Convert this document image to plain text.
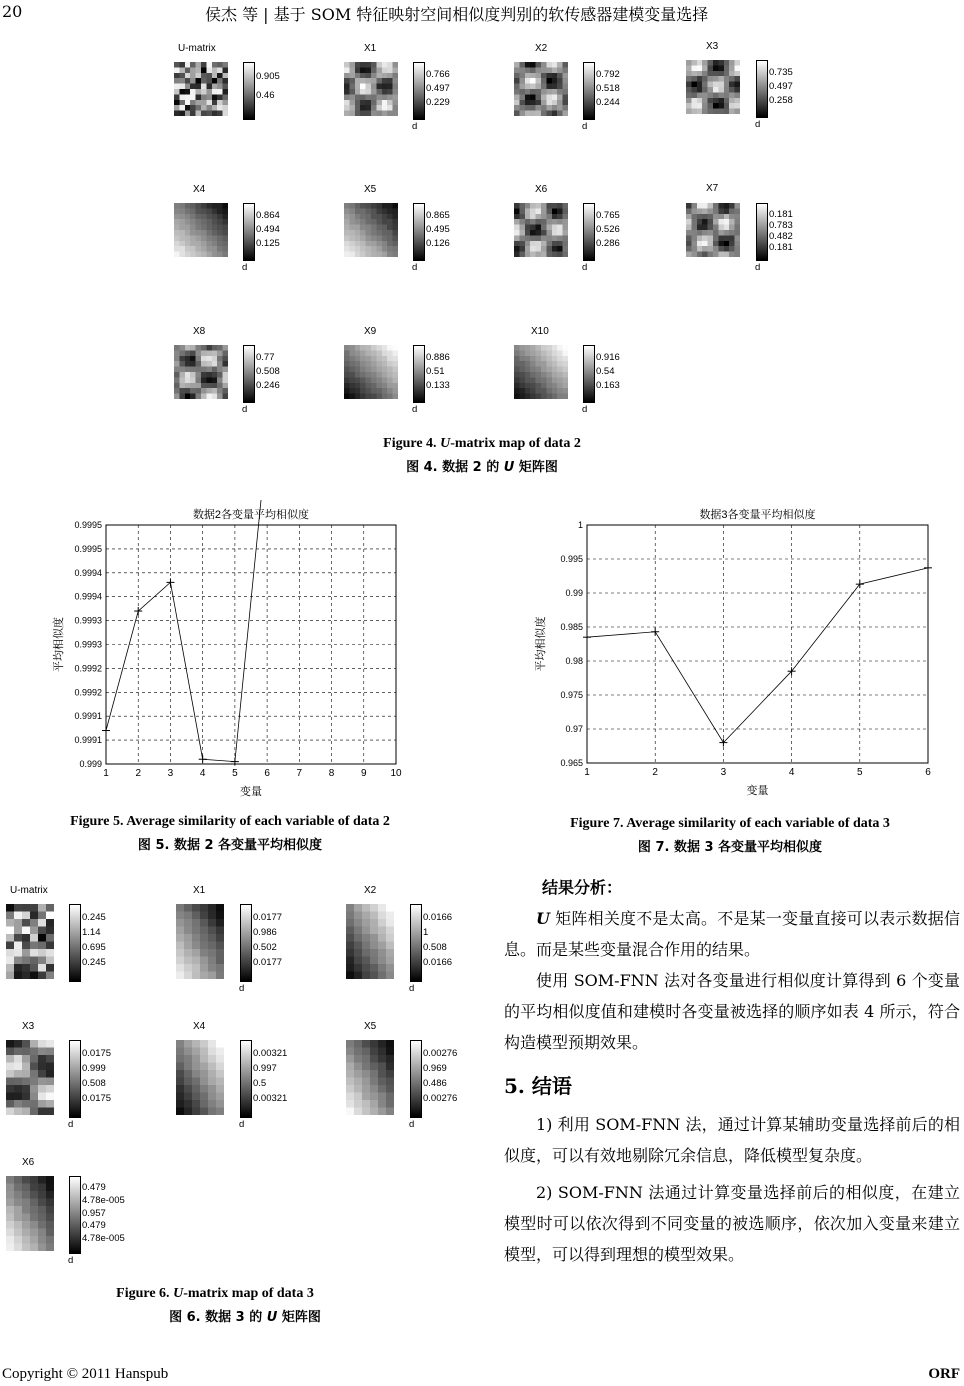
20	侯杰 等 | 基于 SOM 特征映射空间相似度判别的软传感器建模变量选择
U-matrix
0.905
0.46
X1
0.766
0.497
0.229
d
X2
0.792
0.518
0.244
d
X3
0.735
0.497
0.258
d
X4
0.864
0.494
0.125
d
X5
0.865
0.495
0.126
d
X6
0.765
0.526
0.286
d
X7
0.181
0.783
0.482
0.181
d
X8
0.77
0.508
0.246
d
X9
0.886
0.51
0.133
d
X10
0.916
0.54
0.163
d
Figure 4. U-matrix map of data 2
图 4. 数据 2 的 U 矩阵图
1	2	3	4	5	6	7	8	9 10
0.999
0.9991
0.9991
0.9992
0.9992
0.9993
0.9993
0.9994
0.9994
0.9995
0.9995
数据2各变量平均相似度
变量
平均相似度
Figure 5. Average similarity of each variable of data 2
图 5. 数据 2 各变量平均相似度
1	2	3	4	5	6
0.965
0.97
0.975
0.98
0.985
0.99
0.995
1
数据3各变量平均相似度
变量
平均相似度
Figure 7. Average similarity of each variable of data 3
图 7. 数据 3 各变量平均相似度
U-matrix
0.245
1.14
0.695
0.245
X1
0.0177
0.986
0.502
0.0177
d
X2
0.0166
1
0.508
0.0166
d
X3
0.0175
0.999
0.508
0.0175
d
X4
0.00321
0.997
0.5
0.00321
d
X5
0.00276
0.969
0.486
0.00276
d
X6
0.479
4.78e-005
0.957
0.479
4.78e-005
d
Figure 6. U-matrix map of data 3
图 6. 数据 3 的 U 矩阵图
结果分析：
U 矩阵相关度不是太高。不是某一变量直接可以表示数据信息。而是某些变量混合作用的结果。
使用 SOM-FNN 法对各变量进行相似度计算得到 6 个变量的平均相似度值和建模时各变量被选择的顺序如表 4 所示，符合构造模型预期效果。
5. 结语
1) 利用 SOM-FNN 法，通过计算某辅助变量选择前后的相似度，可以有效地剔除冗余信息，降低模型复杂度。
2) SOM-FNN 法通过计算变量选择前后的相似度，在建立模型时可以依次得到不同变量的被选顺序，依次加入变量来建立模型，可以得到理想的模型效果。
Copyright © 2011 Hanspub	ORF
